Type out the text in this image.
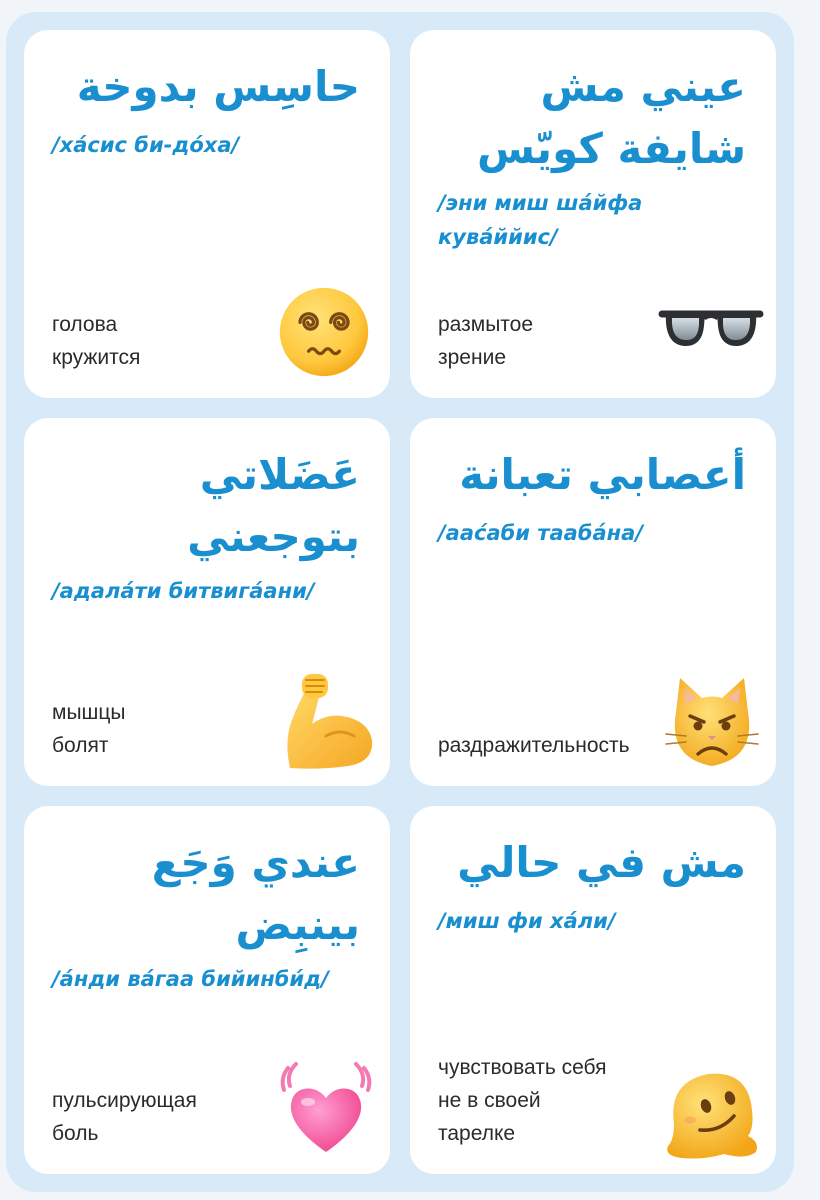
حاسِس بدوخة
/ха́сис би-до́ха/
голова
кружится
عيني مش
شايفة كويّس
/эни миш ша́йфа
кува́ййис/
размытое
зрение
عَضَلاتي
بتوجعني
/адала́ти битвига́ани/
мышцы
болят
أعصابي تعبانة
/аас́аби таабáна/
раздражительность
عندي وَجَع
بينبِض
/а́нди ва́гаа бийинби́д/
пульсирующая
боль
مش في حالي
/миш фи ха́ли/
чувствовать себя
не в своей
тарелке
